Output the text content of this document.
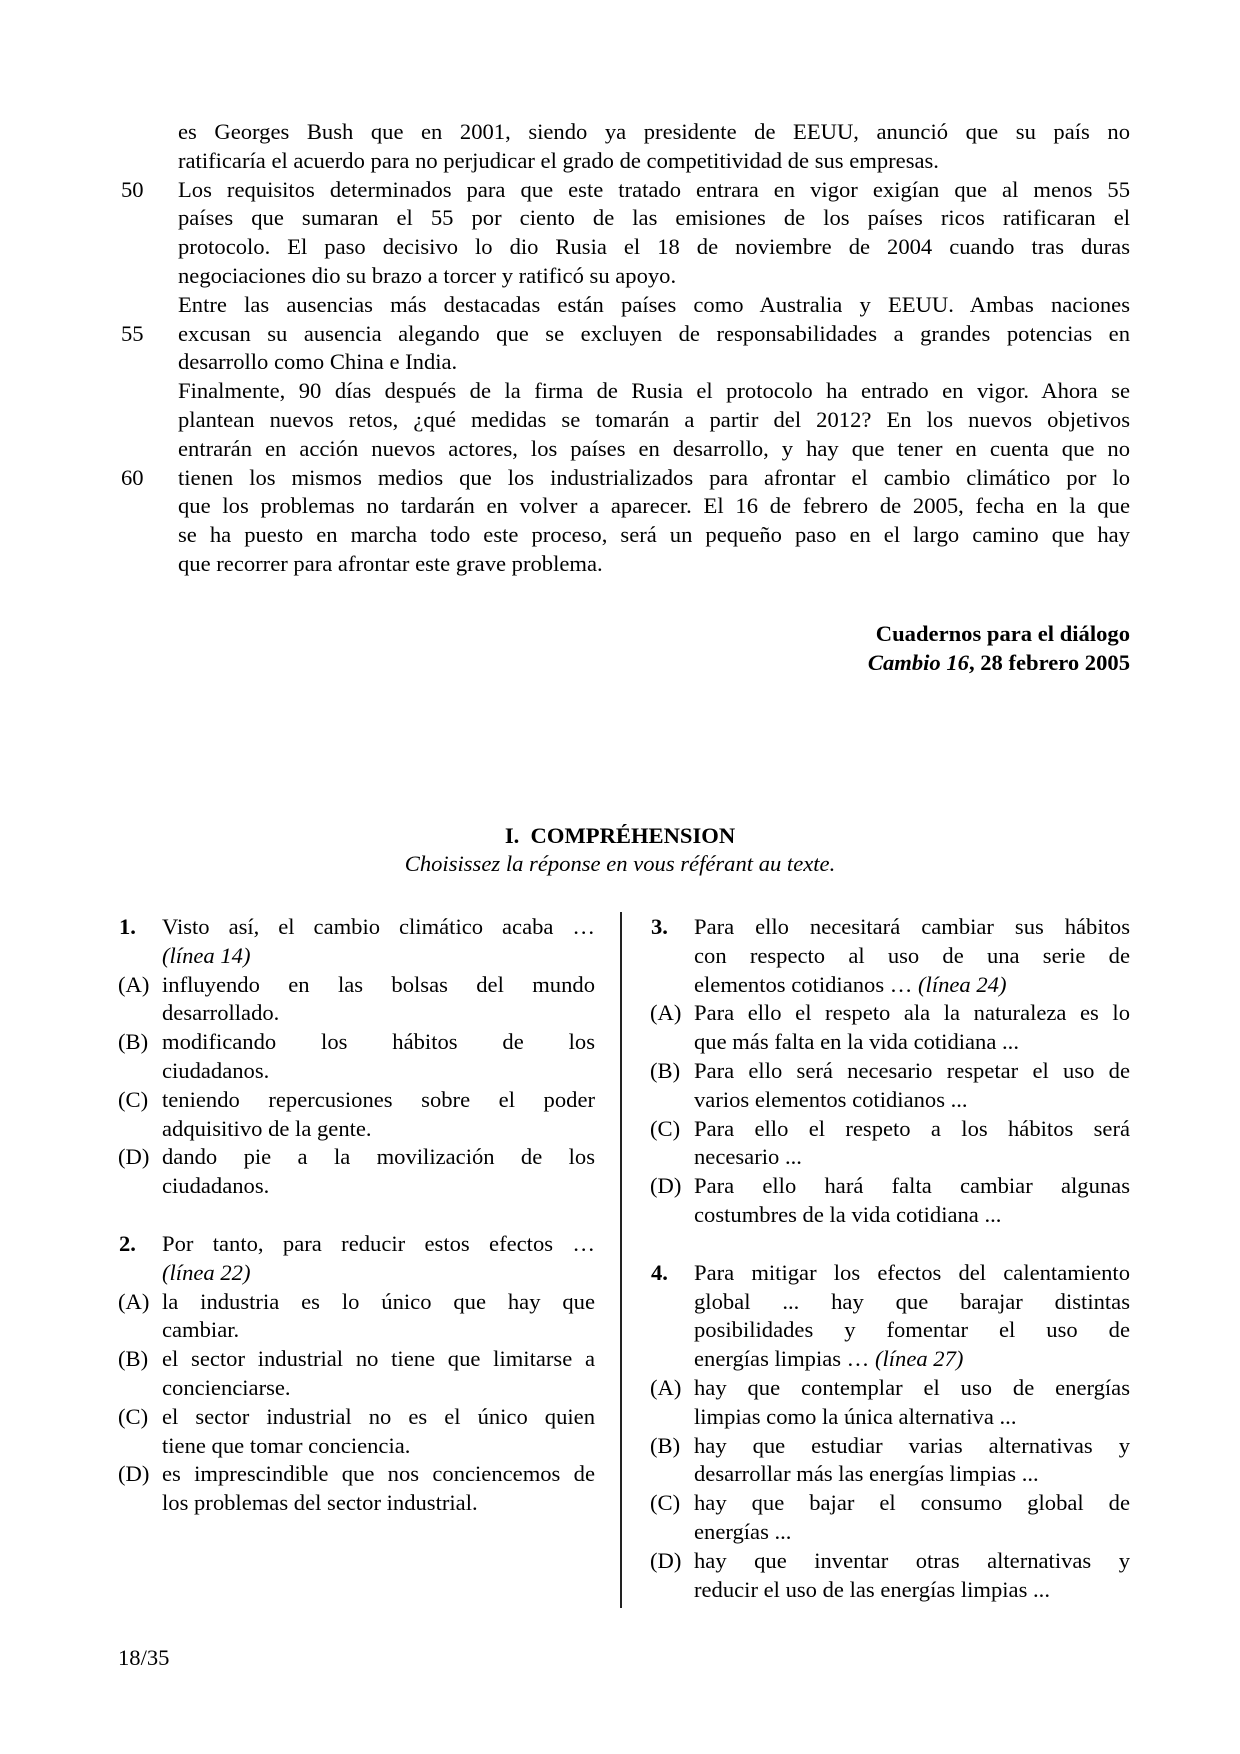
es Georges Bush que en 2001, siendo ya presidente de EEUU, anunció que su país no
ratificaría el acuerdo para no perjudicar el grado de competitividad de sus empresas.
50 Los requisitos determinados para que este tratado entrara en vigor exigían que al menos 55
países que sumaran el 55 por ciento de las emisiones de los países ricos ratificaran el
protocolo. El paso decisivo lo dio Rusia el 18 de noviembre de 2004 cuando tras duras
negociaciones dio su brazo a torcer y ratificó su apoyo.
Entre las ausencias más destacadas están países como Australia y EEUU. Ambas naciones
55 excusan su ausencia alegando que se excluyen de responsabilidades a grandes potencias en
desarrollo como China e India.
Finalmente, 90 días después de la firma de Rusia el protocolo ha entrado en vigor. Ahora se
plantean nuevos retos, ¿qué medidas se tomarán a partir del 2012? En los nuevos objetivos
entrarán en acción nuevos actores, los países en desarrollo, y hay que tener en cuenta que no
60 tienen los mismos medios que los industrializados para afrontar el cambio climático por lo
que los problemas no tardarán en volver a aparecer. El 16 de febrero de 2005, fecha en la que
se ha puesto en marcha todo este proceso, será un pequeño paso en el largo camino que hay
que recorrer para afrontar este grave problema.
Cuadernos para el diálogo
Cambio 16, 28 febrero 2005
I.  COMPRÉHENSION
Choisissez la réponse en vous référant au texte.
1. Visto así, el cambio climático acaba …
(línea 14)
(A) influyendo en las bolsas del mundo
desarrollado.
(B) modificando los hábitos de los
ciudadanos.
(C) teniendo repercusiones sobre el poder
adquisitivo de la gente.
(D) dando pie a la movilización de los
ciudadanos.
2. Por tanto, para reducir estos efectos …
(línea 22)
(A) la industria es lo único que hay que
cambiar.
(B) el sector industrial no tiene que limitarse a
concienciarse.
(C) el sector industrial no es el único quien
tiene que tomar conciencia.
(D) es imprescindible que nos conciencemos de
los problemas del sector industrial.
3. Para ello necesitará cambiar sus hábitos
con respecto al uso de una serie de
elementos cotidianos … (línea 24)
(A) Para ello el respeto ala la naturaleza es lo
que más falta en la vida cotidiana ...
(B) Para ello será necesario respetar el uso de
varios elementos cotidianos ...
(C) Para ello el respeto a los hábitos será
necesario ...
(D) Para ello hará falta cambiar algunas
costumbres de la vida cotidiana ...
4. Para mitigar los efectos del calentamiento
global ... hay que barajar distintas
posibilidades y fomentar el uso de
energías limpias … (línea 27)
(A) hay que contemplar el uso de energías
limpias como la única alternativa ...
(B) hay que estudiar varias alternativas y
desarrollar más las energías limpias ...
(C) hay que bajar el consumo global de
energías ...
(D) hay que inventar otras alternativas y
reducir el uso de las energías limpias ...
18/35
